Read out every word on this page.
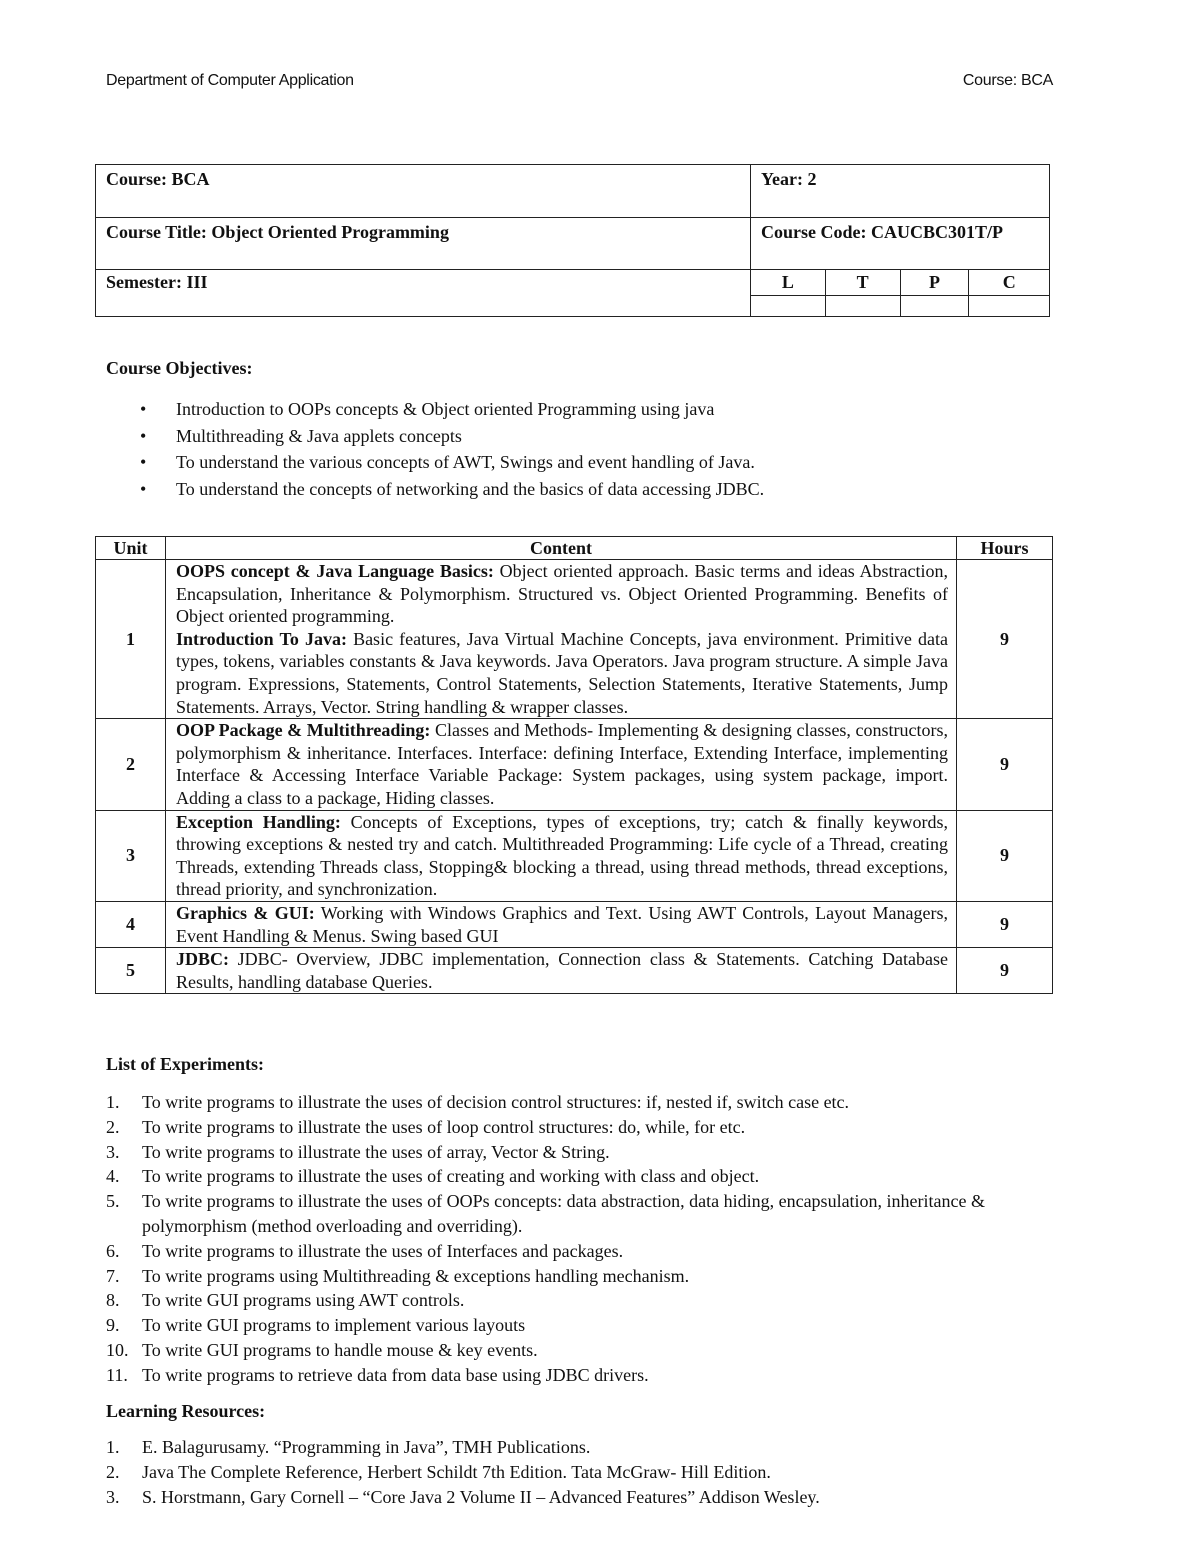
Department of Computer Application	Course: BCA
Course: BCA	Year: 2			
Course Title: Object Oriented Programming	Course Code: CAUCBC301T/P			
Semester: III	L	T	P	C

Course Objectives:
• Introduction to OOPs concepts & Object oriented Programming using java
• Multithreading & Java applets concepts
• To understand the various concepts of AWT, Swings and event handling of Java.
• To understand the concepts of networking and the basics of data accessing JDBC.
Unit	Content	Hours
1	OOPS concept & Java Language Basics: Object oriented approach. Basic terms and ideas Abstraction, Encapsulation, Inheritance & Polymorphism. Structured vs. Object Oriented Programming. Benefits of Object oriented programming.

Introduction To Java: Basic features, Java Virtual Machine Concepts, java environment. Primitive data types, tokens, variables constants & Java keywords. Java Operators. Java program structure. A simple Java program. Expressions, Statements, Control Statements, Selection Statements, Iterative Statements, Jump Statements. Arrays, Vector. String handling & wrapper classes.	9
2	OOP Package & Multithreading: Classes and Methods- Implementing & designing classes, constructors, polymorphism & inheritance. Interfaces. Interface: defining Interface, Extending Interface, implementing Interface & Accessing Interface Variable Package: System packages, using system package, import. Adding a class to a package, Hiding classes.	9
3	Exception Handling: Concepts of Exceptions, types of exceptions, try; catch & finally keywords, throwing exceptions & nested try and catch. Multithreaded Programming: Life cycle of a Thread, creating Threads, extending Threads class, Stopping& blocking a thread, using thread methods, thread exceptions, thread priority, and synchronization.	9
4	Graphics & GUI: Working with Windows Graphics and Text. Using AWT Controls, Layout Managers, Event Handling & Menus. Swing based GUI	9
5	JDBC: JDBC- Overview, JDBC implementation, Connection class & Statements. Catching Database Results, handling database Queries.	9
List of Experiments:
1. To write programs to illustrate the uses of decision control structures: if, nested if, switch case etc.
2. To write programs to illustrate the uses of loop control structures: do, while, for etc.
3. To write programs to illustrate the uses of array, Vector & String.
4. To write programs to illustrate the uses of creating and working with class and object.
5. To write programs to illustrate the uses of OOPs concepts: data abstraction, data hiding, encapsulation, inheritance & polymorphism (method overloading and overriding).
6. To write programs to illustrate the uses of Interfaces and packages.
7. To write programs using Multithreading & exceptions handling mechanism.
8. To write GUI programs using AWT controls.
9. To write GUI programs to implement various layouts
10. To write GUI programs to handle mouse & key events.
11. To write programs to retrieve data from data base using JDBC drivers.
Learning Resources:
1. E. Balagurusamy. “Programming in Java”, TMH Publications.
2. Java The Complete Reference, Herbert Schildt 7th Edition. Tata McGraw- Hill Edition.
3. S. Horstmann, Gary Cornell – “Core Java 2 Volume II – Advanced Features” Addison Wesley.
